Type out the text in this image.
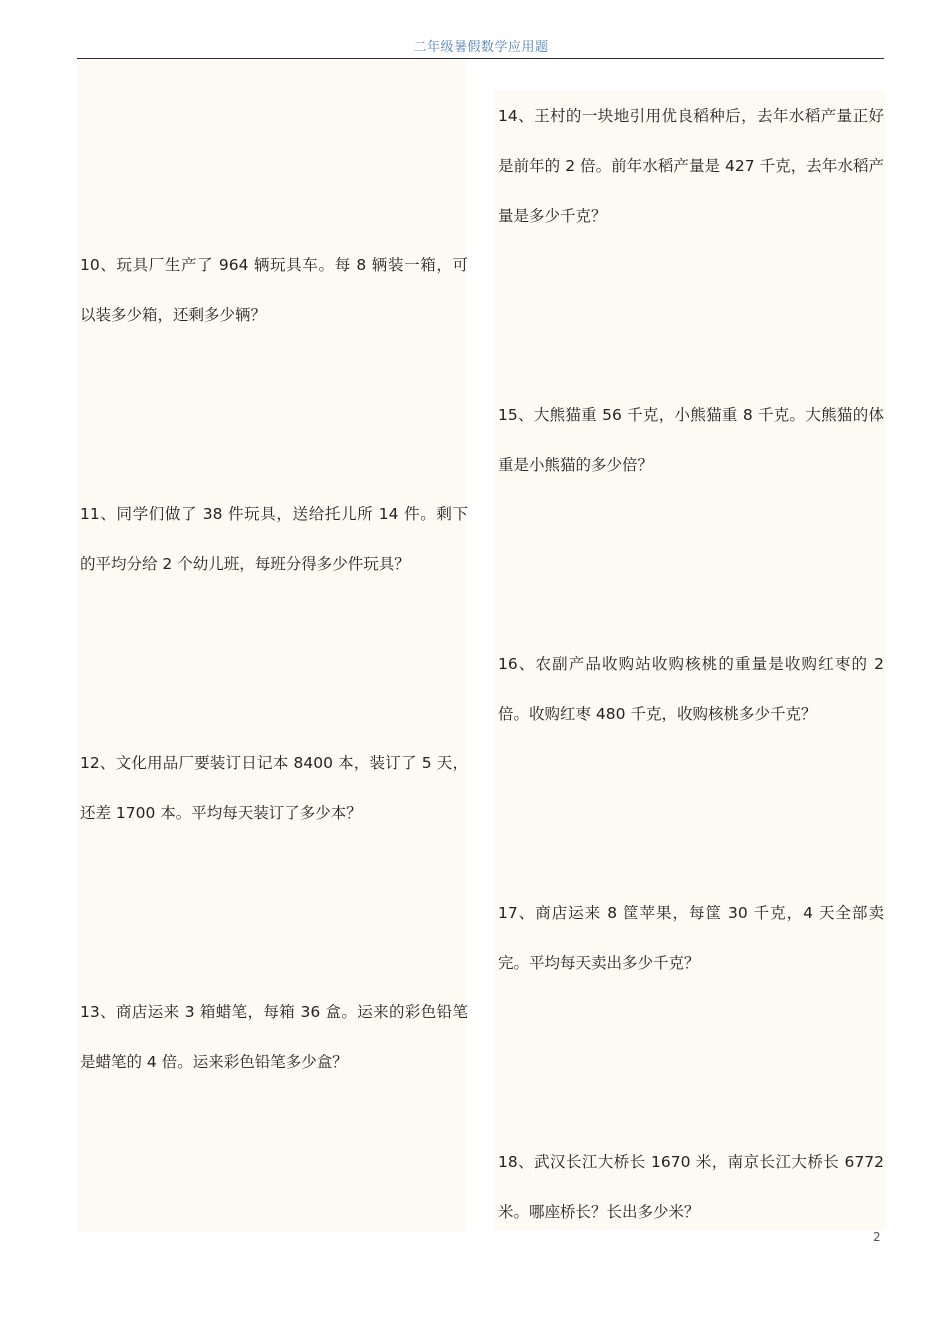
二年级暑假数学应用题

10、玩具厂生产了 964 辆玩具车。每 8 辆装一箱，可以装多少箱，还剩多少辆？

11、同学们做了 38 件玩具，送给托儿所 14 件。剩下的平均分给 2 个幼儿班，每班分得多少件玩具？

12、文化用品厂要装订日记本 8400 本，装订了 5 天，还差 1700 本。平均每天装订了多少本？

13、商店运来 3 箱蜡笔，每箱 36 盒。运来的彩色铅笔是蜡笔的 4 倍。运来彩色铅笔多少盒？

14、王村的一块地引用优良稻种后，去年水稻产量正好是前年的 2 倍。前年水稻产量是 427 千克，去年水稻产量是多少千克？

15、大熊猫重 56 千克，小熊猫重 8 千克。大熊猫的体重是小熊猫的多少倍？

16、农副产品收购站收购核桃的重量是收购红枣的 2 倍。收购红枣 480 千克，收购核桃多少千克？

17、商店运来 8 筐苹果，每筐 30 千克，4 天全部卖完。平均每天卖出多少千克？

18、武汉长江大桥长 1670 米，南京长江大桥长 6772 米。哪座桥长？长出多少米？

2
